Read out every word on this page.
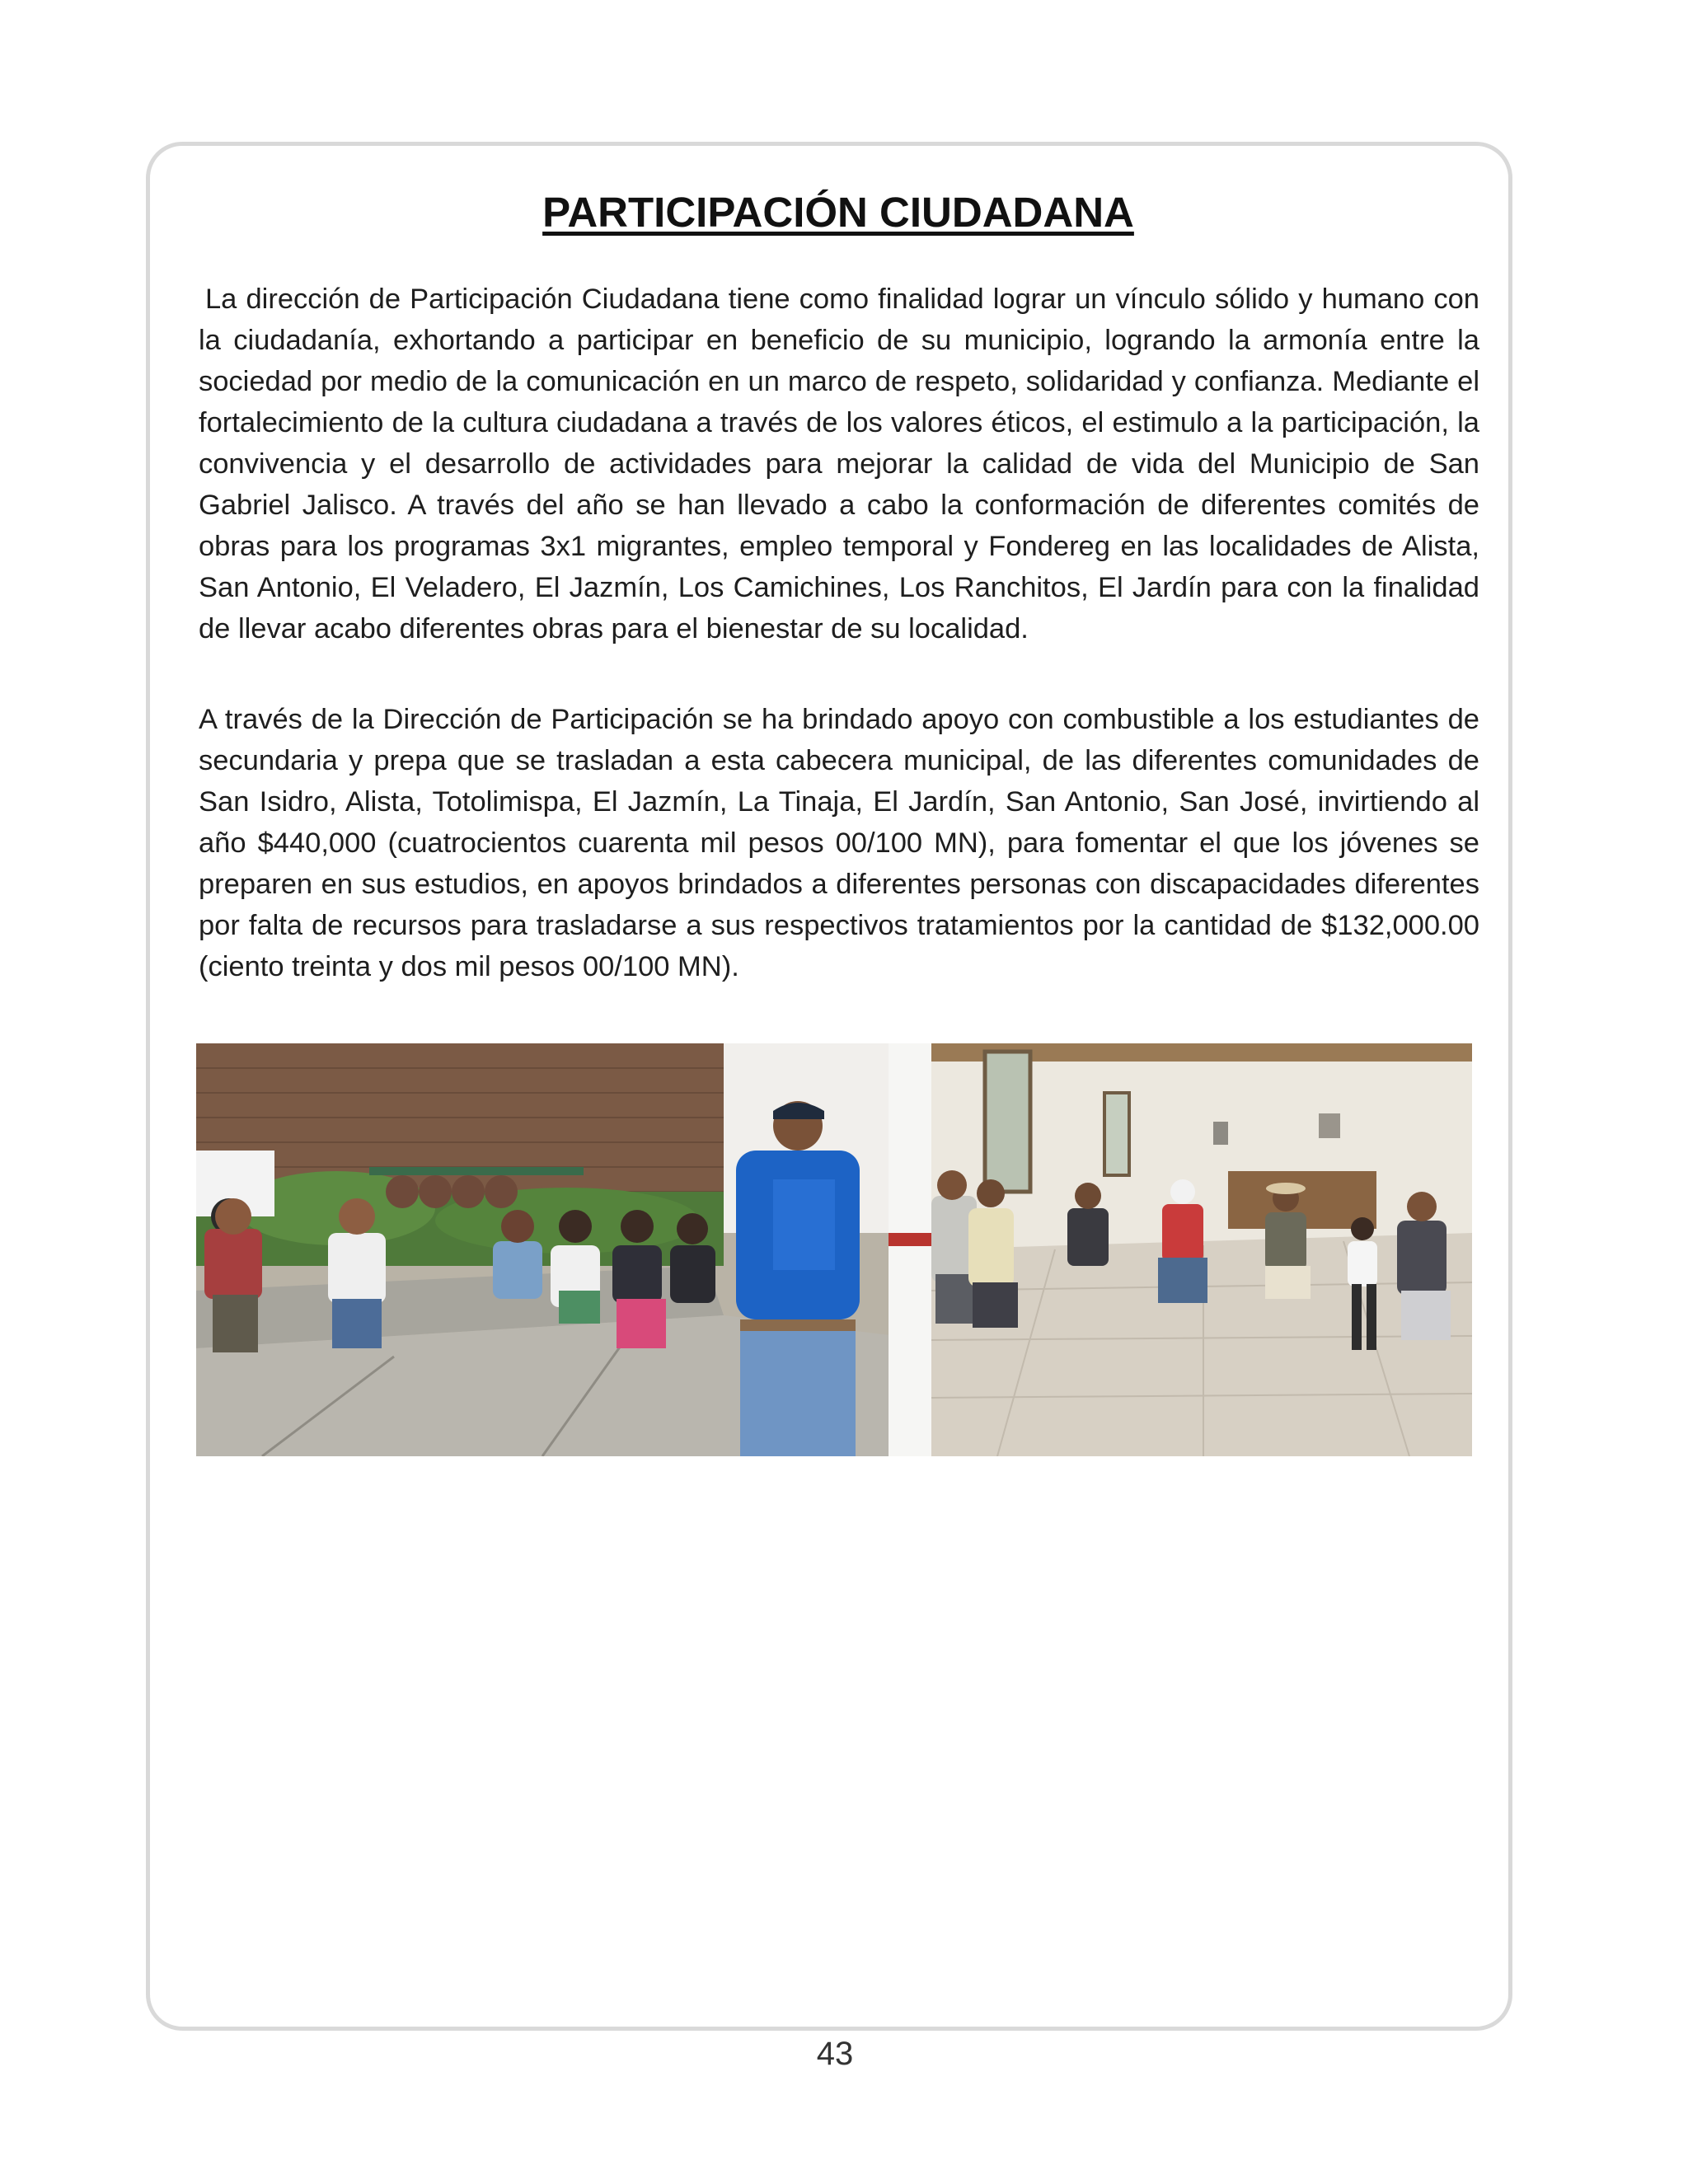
PARTICIPACIÓN CIUDADANA

La dirección de Participación Ciudadana tiene como finalidad lograr un vínculo sólido y humano con la ciudadanía, exhortando a participar en beneficio de su municipio, logrando la armonía entre la sociedad por medio de la comunicación en un marco de respeto, solidaridad y confianza. Mediante el fortalecimiento de la cultura ciudadana a través de los valores éticos, el estimulo a la participación, la convivencia y el desarrollo de actividades para mejorar la calidad de vida del Municipio de San Gabriel Jalisco. A través del año se han llevado a cabo la conformación de diferentes comités de obras para los programas 3x1 migrantes, empleo temporal y Fondereg en las localidades de Alista, San Antonio, El Veladero, El Jazmín, Los Camichines, Los Ranchitos, El Jardín para con la finalidad de llevar acabo diferentes obras para el bienestar de su localidad.

A través de la Dirección de Participación se ha brindado apoyo con combustible a los estudiantes de secundaria y prepa que se trasladan a esta cabecera municipal, de las diferentes comunidades de San Isidro, Alista, Totolimispa, El Jazmín, La Tinaja, El Jardín, San Antonio, San José, invirtiendo al año $440,000 (cuatrocientos cuarenta mil pesos 00/100 MN), para fomentar el que los jóvenes se preparen en sus estudios, en apoyos brindados a diferentes personas con discapacidades diferentes por falta de recursos para trasladarse a sus respectivos tratamientos por la cantidad de $132,000.00 (ciento treinta y dos mil pesos 00/100 MN).

43
